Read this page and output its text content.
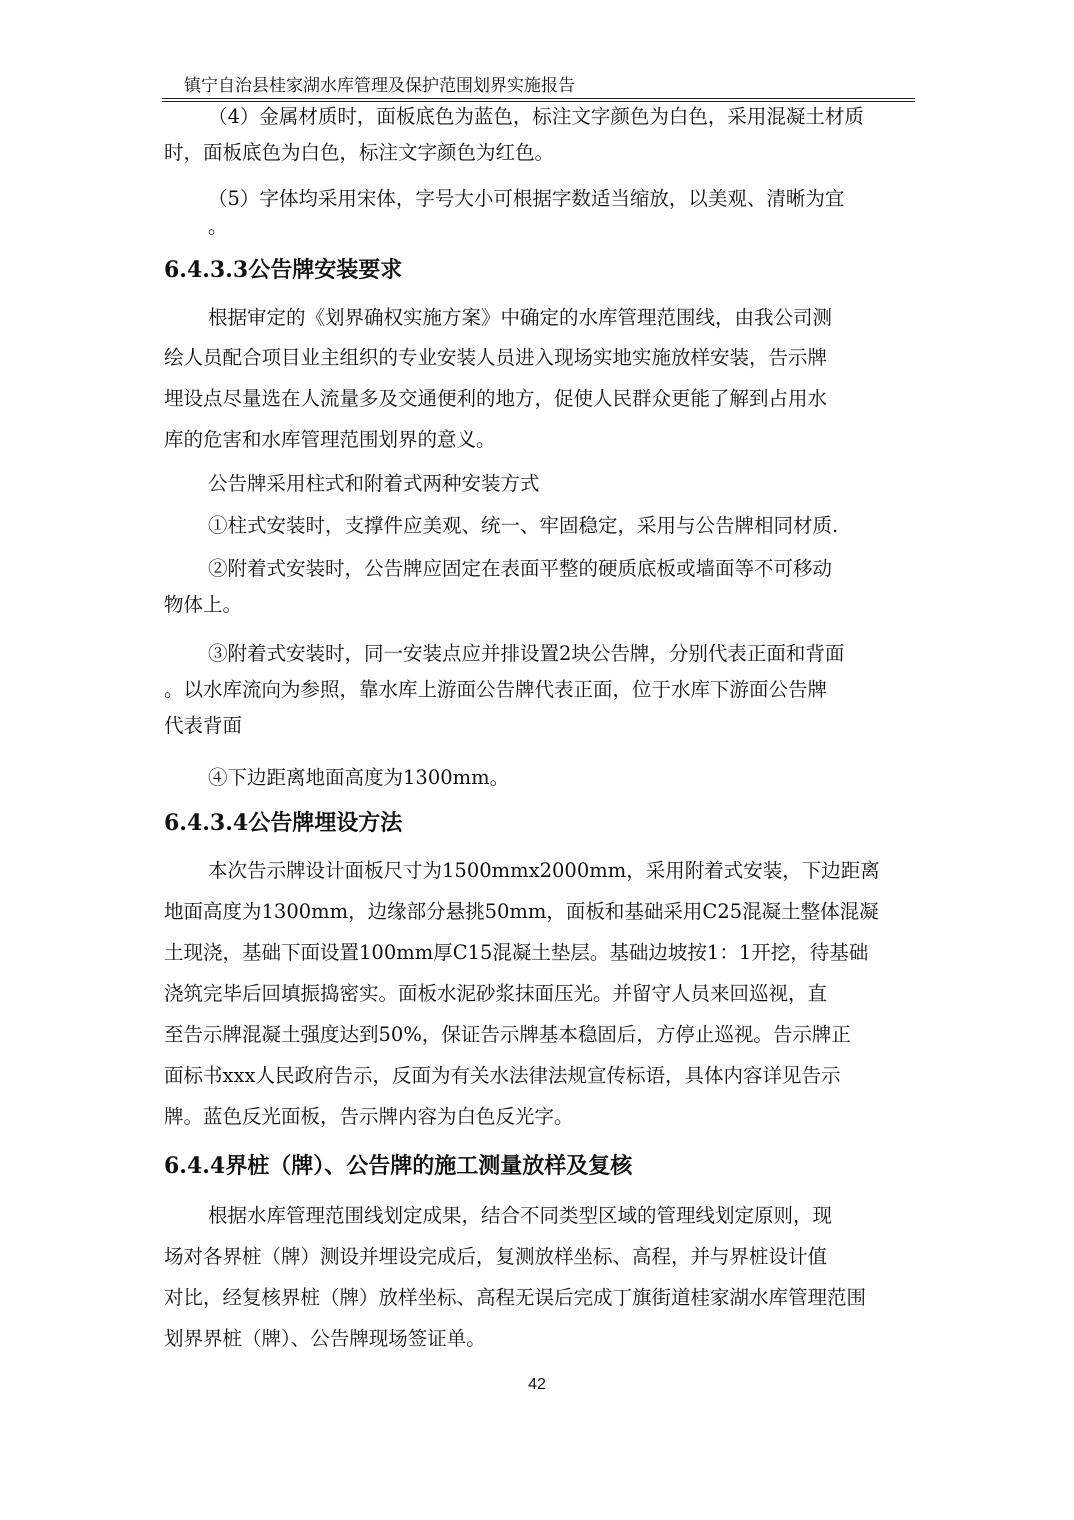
镇宁自治县桂家湖水库管理及保护范围划界实施报告
（4）金属材质时，面板底色为蓝色，标注文字颜色为白色，采用混凝土材质
时，面板底色为白色，标注文字颜色为红色。
（5）字体均采用宋体，字号大小可根据字数适当缩放，以美观、清晰为宜
。
6.4.3.3公告牌安装要求
根据审定的《划界确权实施方案》中确定的水库管理范围线，由我公司测
绘人员配合项目业主组织的专业安装人员进入现场实地实施放样安装，告示牌
埋设点尽量选在人流量多及交通便利的地方，促使人民群众更能了解到占用水
库的危害和水库管理范围划界的意义。
公告牌采用柱式和附着式两种安装方式
①柱式安装时，支撑件应美观、统一、牢固稳定，采用与公告牌相同材质.
②附着式安装时，公告牌应固定在表面平整的硬质底板或墙面等不可移动
物体上。
③附着式安装时，同一安装点应并排设置2块公告牌，分别代表正面和背面
。以水库流向为参照，靠水库上游面公告牌代表正面，位于水库下游面公告牌
代表背面
④下边距离地面高度为1300mm。
6.4.3.4公告牌埋设方法
本次告示牌设计面板尺寸为1500mmx2000mm，采用附着式安装，下边距离
地面高度为1300mm，边缘部分悬挑50mm，面板和基础采用C25混凝土整体混凝
土现浇，基础下面设置100mm厚C15混凝土垫层。基础边坡按1：1开挖，待基础
浇筑完毕后回填振捣密实。面板水泥砂浆抹面压光。并留守人员来回巡视，直
至告示牌混凝土强度达到50%，保证告示牌基本稳固后，方停止巡视。告示牌正
面标书xxx人民政府告示，反面为有关水法律法规宣传标语，具体内容详见告示
牌。蓝色反光面板，告示牌内容为白色反光字。
6.4.4界桩（牌）、公告牌的施工测量放样及复核
根据水库管理范围线划定成果，结合不同类型区域的管理线划定原则，现
场对各界桩（牌）测设并埋设完成后，复测放样坐标、高程，并与界桩设计值
对比，经复核界桩（牌）放样坐标、高程无误后完成丁旗街道桂家湖水库管理范围
划界界桩（牌）、公告牌现场签证单。
42
